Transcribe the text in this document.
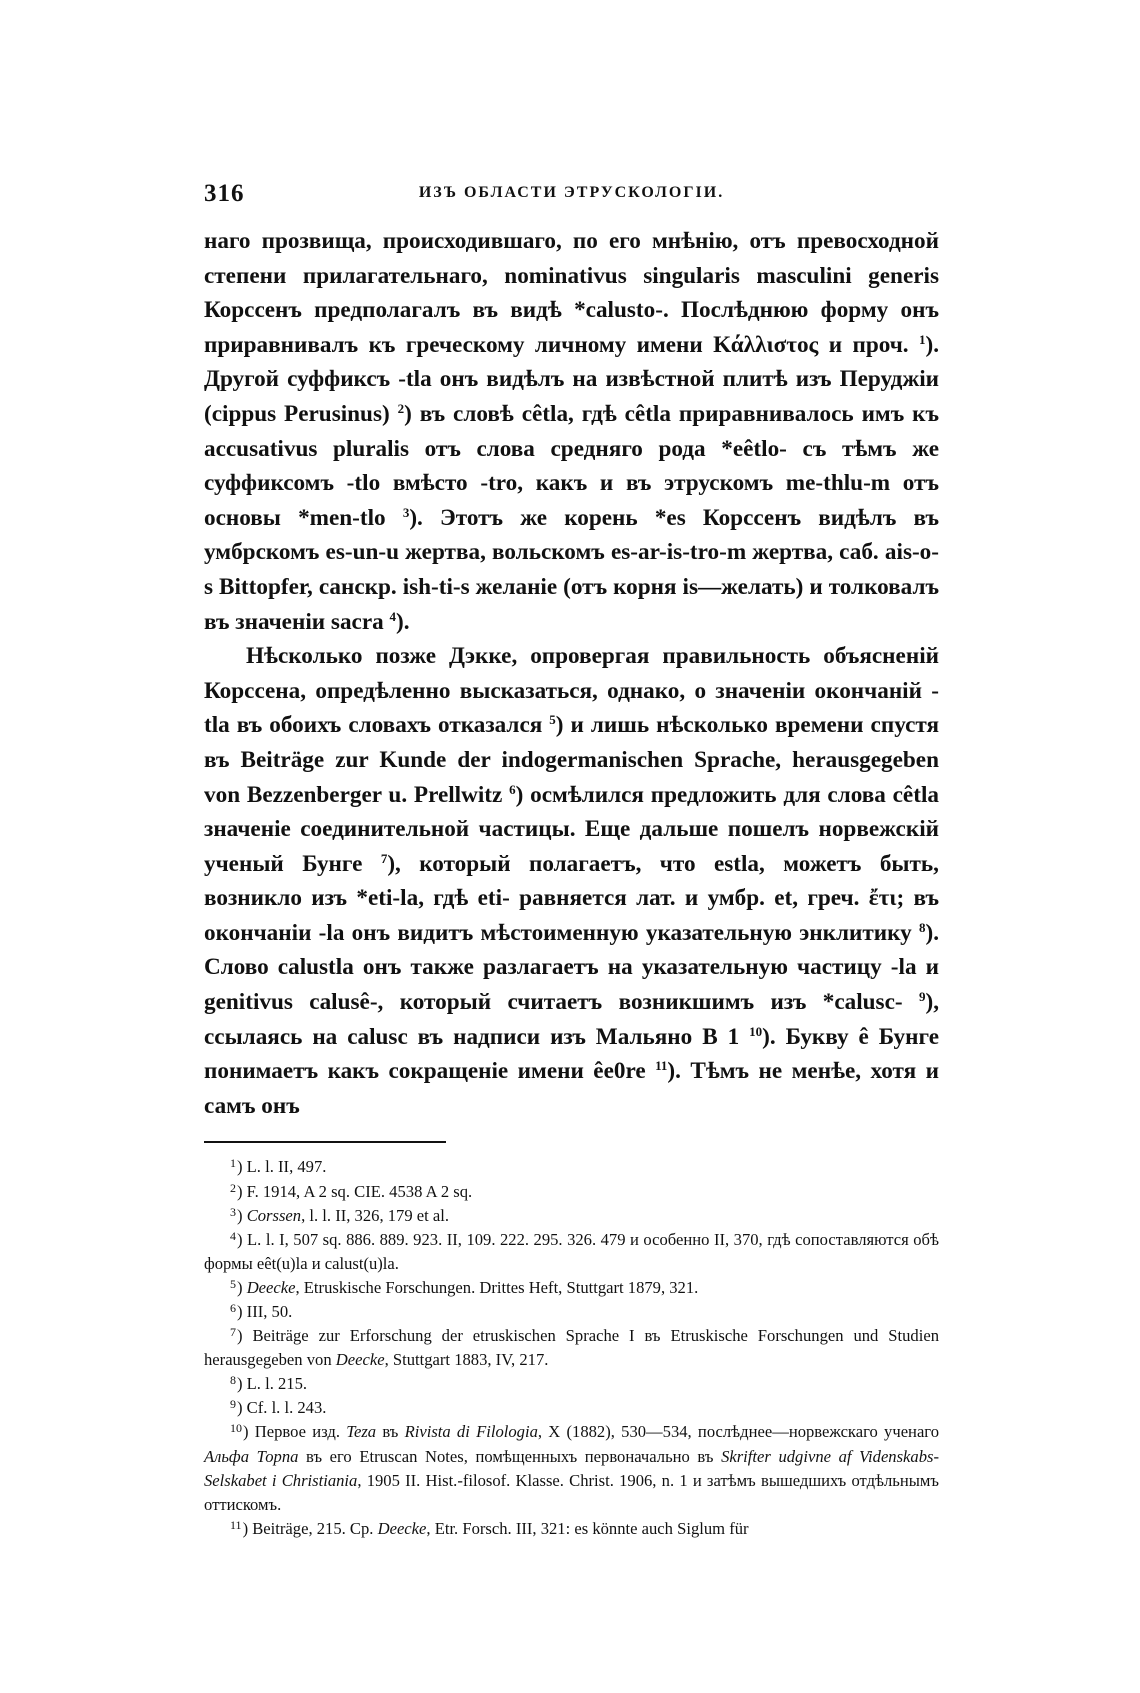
316	ИЗЪ ОБЛАСТИ ЭТРУСКОЛОГІИ.

наго прозвища, происходившаго, по его мнѣнію, отъ превосходной степени прилагательнаго, nominativus singularis masculini generis Корсcенъ предполагалъ въ видѣ *calusto-. Послѣднюю форму онъ приравнивалъ къ греческому личному имени Κάλλιστος и проч. $^1$). Другой суффиксъ -tla онъ видѣлъ на извѣстной плитѣ изъ Перуджіи (cippus Perusinus) $^2$) въ словѣ cêtla, гдѣ cêtla приравнивалось имъ къ accusativus pluralis отъ слова средняго рода *eêtlo- съ тѣмъ же суффиксомъ -tlo вмѣсто -tro, какъ и въ этрускомъ me-thlu-m отъ основы *men-tlo $^3$). Этотъ же корень *es Корссенъ видѣлъ въ умбрскомъ es-un-u жертва, вольскомъ es-ar-is-tro-m жертва, саб. ais-o-s Bittopfer, санскр. ish-ti-s желаніе (отъ корня is—желать) и толковалъ въ значеніи sacra $^4$).

Нѣсколько позже Дэкке, опровергая правильность объясненій Корссена, опредѣленно высказаться, однако, о значеніи окончаній -tla въ обоихъ словахъ отказался $^5$) и лишь нѣсколько времени спустя въ Beiträge zur Kunde der indogermanischen Sprache, herausgegeben von Bezzenberger u. Prellwitz $^6$) осмѣлился предложить для слова cêtla значеніе соединительной частицы. Еще дальше пошелъ норвежскій ученый Бунге $^7$), который полагаетъ, что estla, можетъ быть, возникло изъ *eti-la, гдѣ eti- равняется лат. и умбр. et, греч. ἔτι; въ окончаніи -la онъ видитъ мѣстоименную указательную энклитику $^8$). Слово calustla онъ также разлагаетъ на указательную частицу -la и genitivus calusê-, который считаетъ возникшимъ изъ *calusc- $^9$), ссылаясь на calusc въ надписи изъ Мальяно B 1 $^{10}$). Букву ê Бунге понимаетъ какъ сокращеніе имени êe0re $^{11}$). Тѣмъ не менѣе, хотя и самъ онъ

$^1$) L. l. II, 497.

$^2$) F. 1914, A 2 sq. CIE. 4538 A 2 sq.

$^3$) Corssen, l. l. II, 326, 179 et al.

$^4$) L. l. I, 507 sq. 886. 889. 923. II, 109. 222. 295. 326. 479 и особенно II, 370, гдѣ сопоставляются обѣ формы eêt(u)la и calust(u)la.

$^5$) Deecke, Etruskische Forschungen. Drittes Heft, Stuttgart 1879, 321.

$^6$) III, 50.

$^7$) Beiträge zur Erforschung der etruskischen Sprache I въ Etruskische Forschungen und Studien herausgegeben von Deecke, Stuttgart 1883, IV, 217.

$^8$) L. l. 215.

$^9$) Cf. l. l. 243.

$^{10}$) Первое изд. Teza въ Rivista di Filologia, X (1882), 530—534, послѣднее—норвежскаго ученаго Альфа Торпа въ его Etruscan Notes, помѣщенныхъ первоначально въ Skrifter udgivne af Videnskabs-Selskabet i Christiania, 1905 II. Hist.-filosof. Klasse. Christ. 1906, n. 1 и затѣмъ вышедшихъ отдѣльнымъ оттискомъ.

$^{11}$) Beiträge, 215. Ср. Deecke, Etr. Forsch. III, 321: es könnte auch Siglum für
